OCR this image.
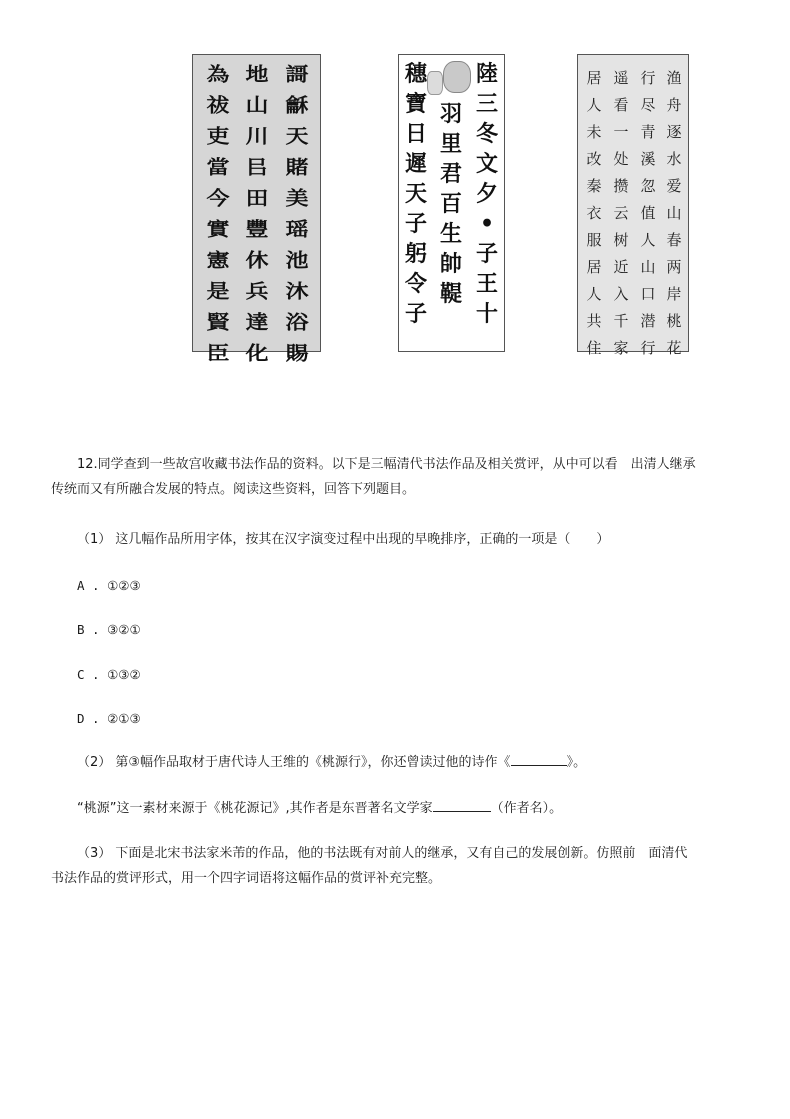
為
祓
吏
當
今
實
憲
是
賢
臣
地
山
川
㠯
田
豐
休
兵
達
化
謌
龢
天
賭
美
瑶
池
沐
浴
賜
穗
寶
日
遲
天
子
躬
令
子
羽
里
君
百
生
帥
鞮
陸
三
冬
文
夕
•
子
王
十
居
人
未
改
秦
衣
服
居
人
共
住
遥
看
一
处
攒
云
树
近
入
千
家
行
尽
青
溪
忽
值
人
山
口
潜
行
渔
舟
逐
水
爱
山
春
两
岸
桃
花
12.同学查到一些故宫收藏书法作品的资料。以下是三幅清代书法作品及相关赏评，从中可以看　出清人继承
传统而又有所融合发展的特点。阅读这些资料，回答下列题目。
（1） 这几幅作品所用字体，按其在汉字演变过程中出现的早晚排序，正确的一项是（　　）
A . ①②③
B . ③②①
C . ①③②
D . ②①③
（2） 第③幅作品取材于唐代诗人王维的《桃源行》，你还曾读过他的诗作《	》。
“桃源”这一素材来源于《桃花源记》,其作者是东晋著名文学家	（作者名）。
（3） 下面是北宋书法家米芾的作品，他的书法既有对前人的继承，又有自己的发展创新。仿照前　面清代
书法作品的赏评形式，用一个四字词语将这幅作品的赏评补充完整。
